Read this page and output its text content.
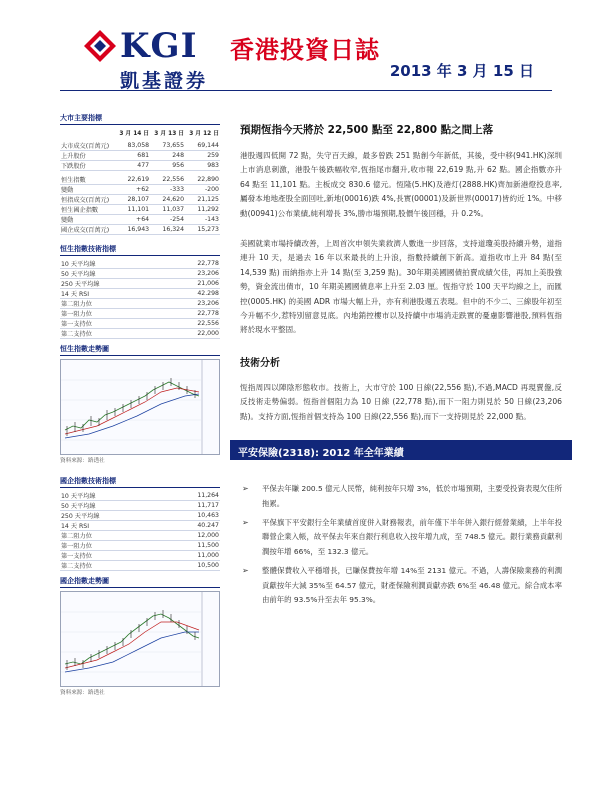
KGI
凱基證券
香港投資日誌
2013 年 3 月 15 日
大市主要指標
	3 月 14 日	3 月 13 日	3 月 12 日

大市成交(百萬元)	83,058	73,655	69,144
上升股份	681	248	259
下跌股份	477	956	983

恒生指數	22,619	22,556	22,890
變動	+62	-333	-200
恒指成交(百萬元)	28,107	24,620	21,125
恒生國企指數	11,101	11,037	11,292
變動	+64	-254	-143
國企成交(百萬元)	16,943	16,324	15,273
恒生指數技術指標
10 天平均線	22,778
50 天平均線	23,206
250 天平均線	21,006
14 天 RSI	42.298
第二阻力位	23,206
第一阻力位	22,778
第一支持位	22,556
第二支持位	22,000
恒生指數走勢圖
資料來源：路透社
國企指數技術指標
10 天平均線	11,264
50 天平均線	11,717
250 天平均線	10,463
14 天 RSI	40.247
第二阻力位	12,000
第一阻力位	11,500
第一支持位	11,000
第二支持位	10,500
國企指數走勢圖
資料來源：路透社
預期恆指今天將於 22,500 點至 22,800 點之間上落

港股週四低開 72 點，失守百天線，最多曾跌 251 點創今年新低，其後，受中移(941.HK)深圳上市消息刺激，港股午後跌幅收窄,恆指尾市翻升,收市報 22,619 點,升 62 點。國企指數亦升 64 點至 11,101 點。主板成交 830.6 億元。恆隆(5.HK)及港灯(2888.HK)齊加新港燈投息率,屬發本地地產股全面回吐,新地(00016)跌 4%,長實(00001)及新世界(00017)皆約近 1%。中移動(00941)公布業績,純利增長 3%,勝市場預期,股價午後回穩，升 0.2%。

美國就業市場持續改善，上周首次申領失業救濟人數進一步回落，支持道瓊美股持續升勢，道指連升 10 天，是過去 16 年以來最長的上升浪，指數持續創下新高。道指收市上升 84 點(至 14,539 點) 而納指亦上升 14 點(至 3,259 點)。30年期美國國債拍賣成績欠佳，再加上美股強勢，資金流出債市，10 年期美國國債息率上升至 2.03 厘。恆指守於 100 天平均線之上，而匯控(0005.HK) 的美國 ADR 市場大幅上升，亦有利港股週五表現。但中的不少二、三線股年初至今升幅不少,惹特別留意見底。內地銷控樓市以及持續中市場消走跌實的憂慮影響港股,預料恆指將於現水平整固。

技術分析

恆指周四以陣陰形態收市。技術上，大市守於 100 日線(22,556 點),不過,MACD 再現賣盤,反反技術走勢偏弱。恆指首個阻力為 10 日線 (22,778 點),而下一阻力則見於 50 日線(23,206 點)。支持方面,恆指首個支持為 100 日線(22,556 點),而下一支持則見於 22,000 點。

平安保險(2318): 2012 年全年業績
➢ 平保去年賺 200.5 億元人民幣，純利按年只增 3%，低於市場預期，主要受投資表現欠佳所拖累。
➢ 平保旗下平安銀行全年業績首度併入財務報表，前年僅下半年併入銀行經營業績，上半年投聯營企業入帳，故平保去年來自銀行利息收入按年增九成，至 748.5 億元。銀行業務貢獻利潤按年增 66%，至 132.3 億元。
➢ 整體保費收入平穩增長，已賺保費按年增 14%至 2131 億元。不過，人壽保險業務的利潤貢獻按年大減 35%至 64.57 億元，財產保險利潤貢獻亦跌 6%至 46.48 億元。綜合成本率由前年的 93.5%升至去年 95.3%。
